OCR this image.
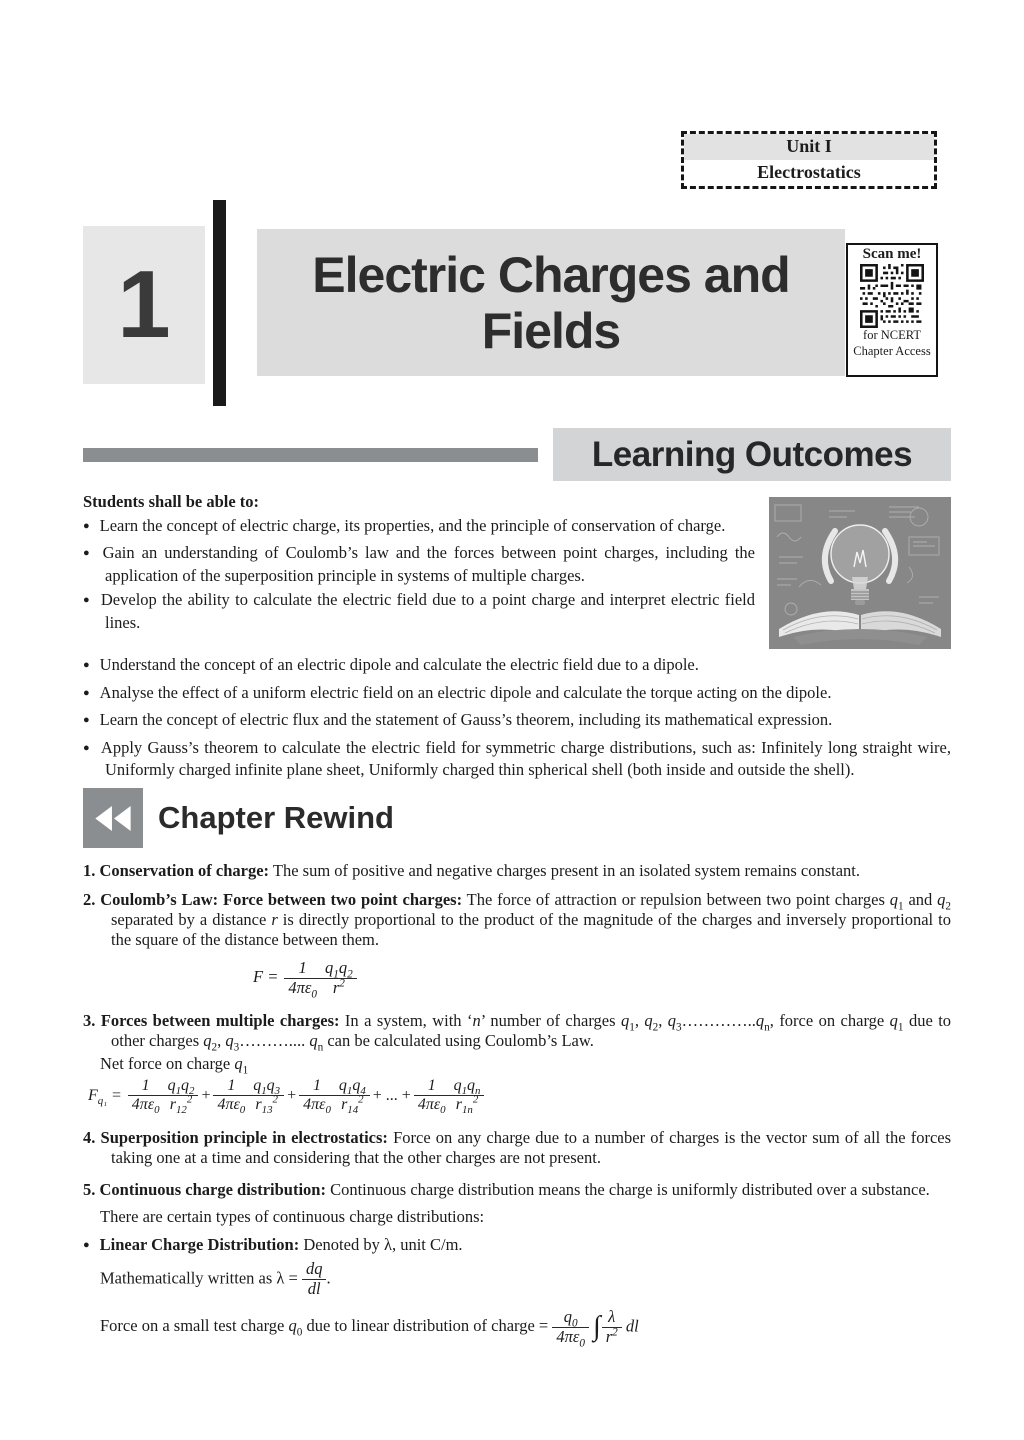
Unit I
Electrostatics
1	Electric Charges and Fields
Scan me!
for NCERT
Chapter Access
Learning Outcomes
Students shall be able to:
● Learn the concept of electric charge, its properties, and the principle of conservation of charge.
● Gain an understanding of Coulomb’s law and the forces between point charges, including the application of the superposition principle in systems of multiple charges.
● Develop the ability to calculate the electric field due to a point charge and interpret electric field lines.
● Understand the concept of an electric dipole and calculate the electric field due to a dipole.
● Analyse the effect of a uniform electric field on an electric dipole and calculate the torque acting on the dipole.
● Learn the concept of electric flux and the statement of Gauss’s theorem, including its mathematical expression.
● Apply Gauss’s theorem to calculate the electric field for symmetric charge distributions, such as: Infinitely long straight wire, Uniformly charged infinite plane sheet, Uniformly charged thin spherical shell (both inside and outside the shell).
Chapter Rewind
1. Conservation of charge: The sum of positive and negative charges present in an isolated system remains constant.
2. Coulomb’s Law: Force between two point charges: The force of attraction or repulsion between two point charges $q_1$ and $q_2$ separated by a distance r is directly proportional to the product of the magnitude of the charges and inversely proportional to the square of the distance between them.
$F = \frac{1}{4\pi\varepsilon_0} \frac{q_1q_2}{r^2}$
3. Forces between multiple charges: In a system, with ‘n’ number of charges $q_1$, $q_2$, $q_3\dots\dots\dots\dots..q_n$, force on charge $q_1$ due to other charges $q_2$, $q_3\dots\dots\dots$.... $q_n$ can be calculated using Coulomb’s Law.
Net force on charge $q_1$
$F_{q_1} = \frac{1}{4\pi\varepsilon_0} \frac{q_1q_2}{r_{12}^2} + \frac{1}{4\pi\varepsilon_0} \frac{q_1q_3}{r_{13}^2} + \frac{1}{4\pi\varepsilon_0} \frac{q_1q_4}{r_{14}^2}$ + ... + $\frac{1}{4\pi\varepsilon_0} \frac{q_1q_n}{r_{1n}^2}$
4. Superposition principle in electrostatics: Force on any charge due to a number of charges is the vector sum of all the forces taking one at a time and considering that the other charges are not present.
5. Continuous charge distribution: Continuous charge distribution means the charge is uniformly distributed over a substance.
There are certain types of continuous charge distributions:
● Linear Charge Distribution: Denoted by λ, unit C/m.
Mathematically written as $\lambda = \frac{dq}{dl}$ .
Force on a small test charge $q_0$ due to linear distribution of charge = $\frac{q_0}{4\pi\varepsilon_0}$ ∫ $\frac{\lambda}{r^2}$ dl
